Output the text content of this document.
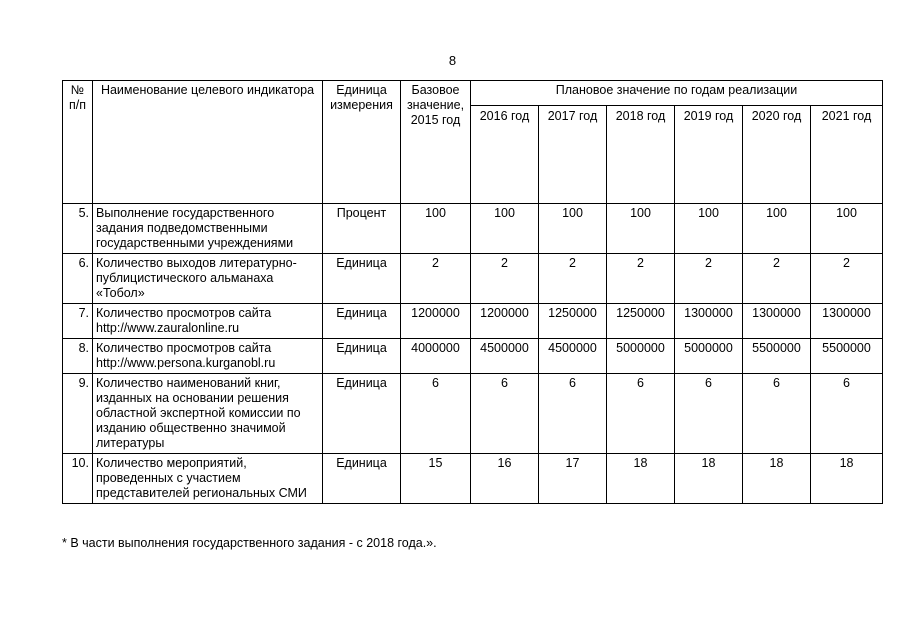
8
№ п/п	Наименование целевого индикатора	Единица измерения	Базовое значение, 2015 год	Плановое значение по годам реализации					
				2016 год	2017 год	2018 год	2019 год	2020 год	2021 год
5.	Выполнение государственного задания подведомственными государственными учреждениями	Процент	100	100	100	100	100	100	100
6.	Количество выходов литературно-публицистического альманаха «Тобол»	Единица	2	2	2	2	2	2	2
7.	Количество просмотров сайта http://www.zauralonline.ru	Единица	1200000	1200000	1250000	1250000	1300000	1300000	1300000
8.	Количество просмотров сайта http://www.persona.kurganobl.ru	Единица	4000000	4500000	4500000	5000000	5000000	5500000	5500000
9.	Количество наименований книг, изданных на основании решения областной экспертной комиссии по изданию общественно значимой литературы	Единица	6	6	6	6	6	6	6
10.	Количество мероприятий, проведенных с участием представителей региональных СМИ	Единица	15	16	17	18	18	18	18
* В части выполнения государственного задания - с 2018 года.».
